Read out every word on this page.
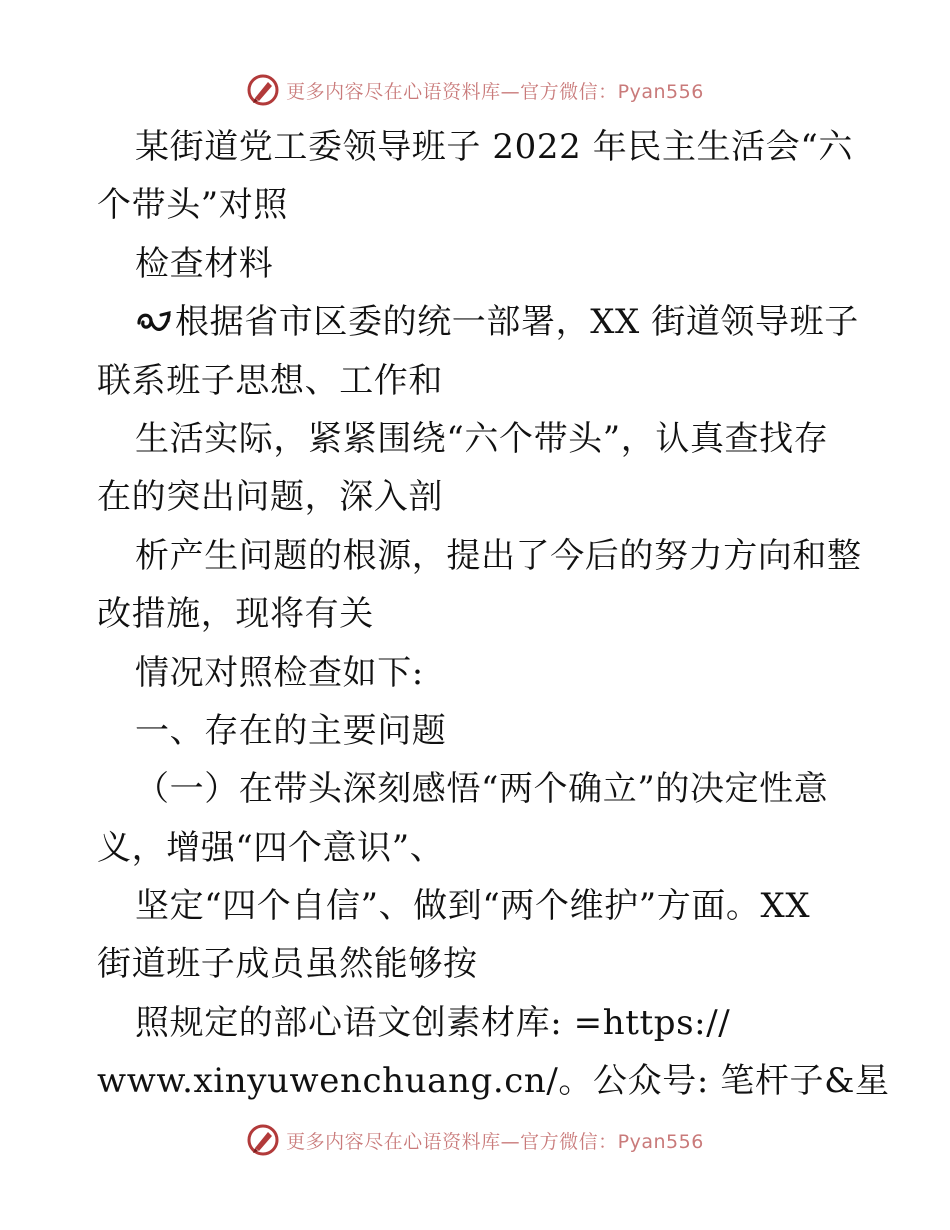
更多内容尽在心语资料库—官方微信：Pyan556
某街道党工委领导班子 2022 年民主生活会“六
个带头”对照
检查材料
根据省市区委的统一部署，XX 街道领导班子
联系班子思想、工作和
生活实际，紧紧围绕“六个带头”，认真查找存
在的突出问题，深入剖
析产生问题的根源，提出了今后的努力方向和整
改措施，现将有关
情况对照检查如下:
一、存在的主要问题
（一）在带头深刻感悟“两个确立”的决定性意
义，增强“四个意识”、
坚定“四个自信”、做到“两个维护”方面。XX
街道班子成员虽然能够按
照规定的部心语文创素材库: =https://
www.xinyuwenchuang.cn/。公众号: 笔杆子&星
更多内容尽在心语资料库—官方微信：Pyan556
